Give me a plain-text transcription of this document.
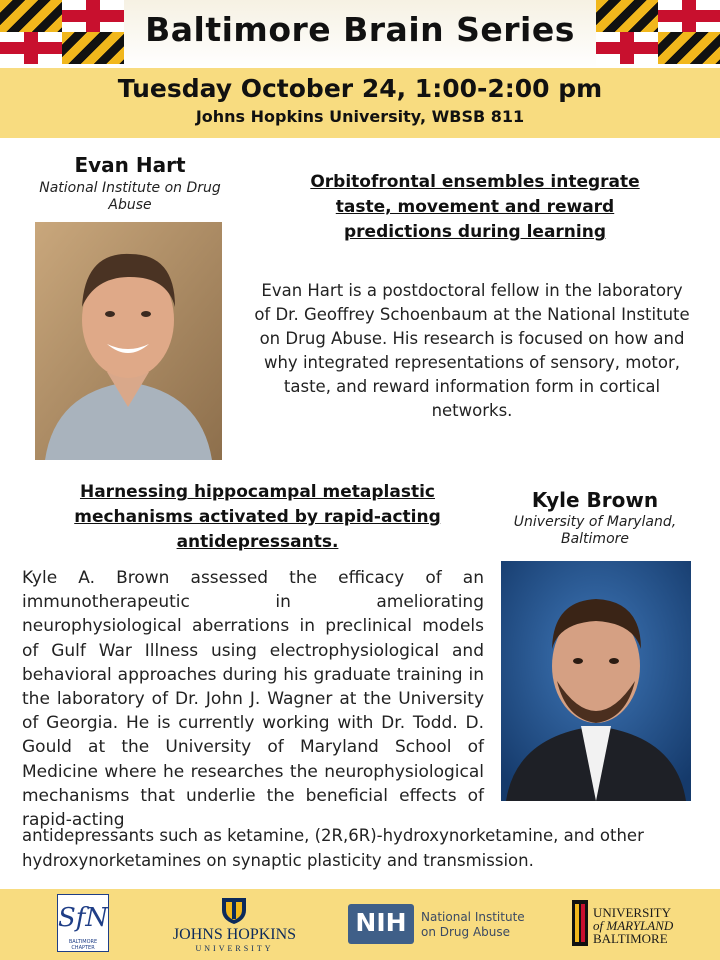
Baltimore Brain Series
Tuesday October 24, 1:00-2:00 pm
Johns Hopkins University, WBSB 811
Evan Hart
National Institute on Drug Abuse
Orbitofrontal ensembles integrate taste, movement and reward predictions during learning
Evan Hart is a postdoctoral fellow in the laboratory of Dr. Geoffrey Schoenbaum at the National Institute on Drug Abuse. His research is focused on how and why integrated representations of sensory, motor, taste, and reward information form in cortical networks.
Harnessing hippocampal metaplastic mechanisms activated by rapid-acting antidepressants.
Kyle Brown
University of Maryland, Baltimore
Kyle A. Brown assessed the efficacy of an immunotherapeutic in ameliorating neurophysiological aberrations in preclinical models of Gulf War Illness using electrophysiological and behavioral approaches during his graduate training in the laboratory of Dr. John J. Wagner at the University of Georgia. He is currently working with Dr. Todd. D. Gould at the University of Maryland School of Medicine where he researches the neurophysiological mechanisms that underlie the beneficial effects of rapid-acting
antidepressants such as ketamine, (2R,6R)-hydroxynorketamine, and other hydroxynorketamines on synaptic plasticity and transmission.
SfN
BALTIMORE CHAPTER
JOHNS HOPKINS
UNIVERSITY
NIH	National Institute
on Drug Abuse
UNIVERSITY
of MARYLAND
BALTIMORE
